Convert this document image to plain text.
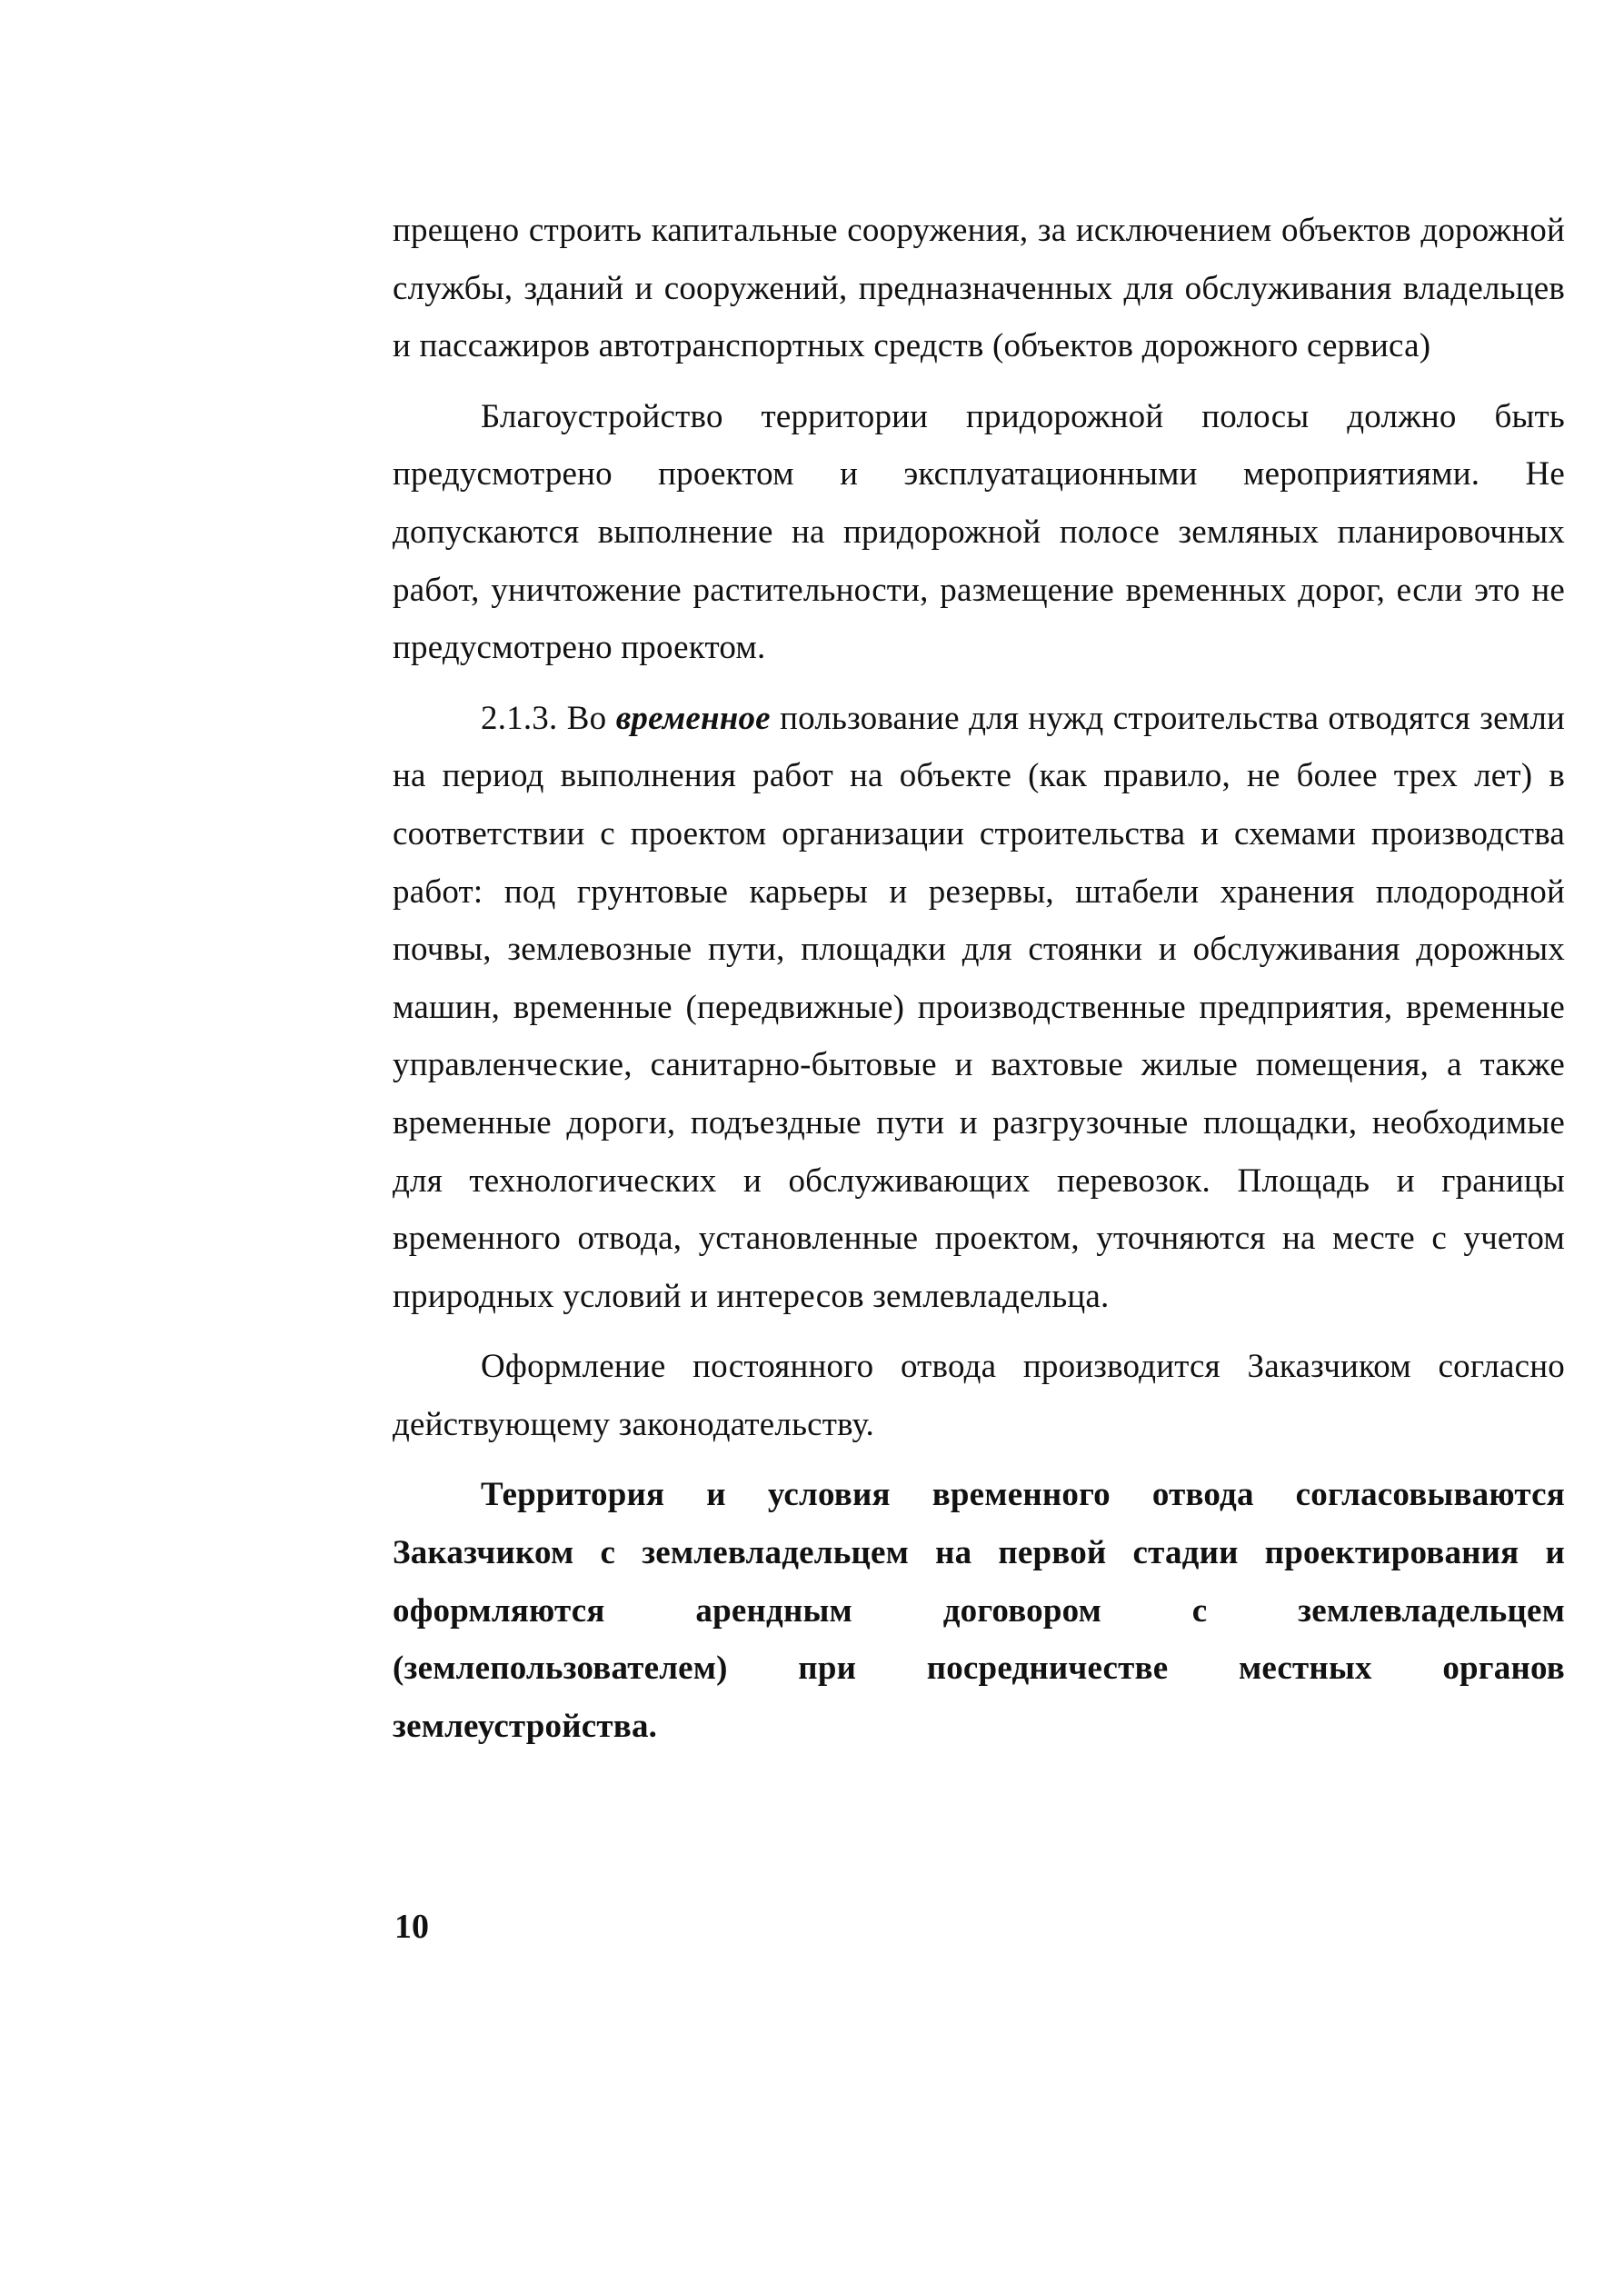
прещено строить капитальные сооружения, за исключением объектов дорожной службы, зданий и сооружений, предназначенных для обслуживания владельцев и пассажиров автотранспортных средств (объектов дорожного сервиса)

Благоустройство территории придорожной полосы должно быть предусмотрено проектом и эксплуатационными мероприятиями. Не допускаются выполнение на придорожной полосе земляных планировочных работ, уничтожение растительности, размещение временных дорог, если это не предусмотрено проектом.

2.1.3. Во временное пользование для нужд строительства отводятся земли на период выполнения работ на объекте (как правило, не более трех лет) в соответствии с проектом организации строительства и схемами производства работ: под грунтовые карьеры и резервы, штабели хранения плодородной почвы, землевозные пути, площадки для стоянки и обслуживания дорожных машин, временные (передвижные) производственные предприятия, временные управленческие, санитарно-бытовые и вахтовые жилые помещения, а также временные дороги, подъездные пути и разгрузочные площадки, необходимые для технологических и обслуживающих перевозок. Площадь и границы временного отвода, установленные проектом, уточняются на месте с учетом природных условий и интересов землевладельца.

Оформление постоянного отвода производится Заказчиком согласно действующему законодательству.

Территория и условия временного отвода согласовываются Заказчиком с землевладельцем на первой стадии проектирования и оформляются арендным договором с землевладельцем (землепользователем) при посредничестве местных органов землеустройства.

10
